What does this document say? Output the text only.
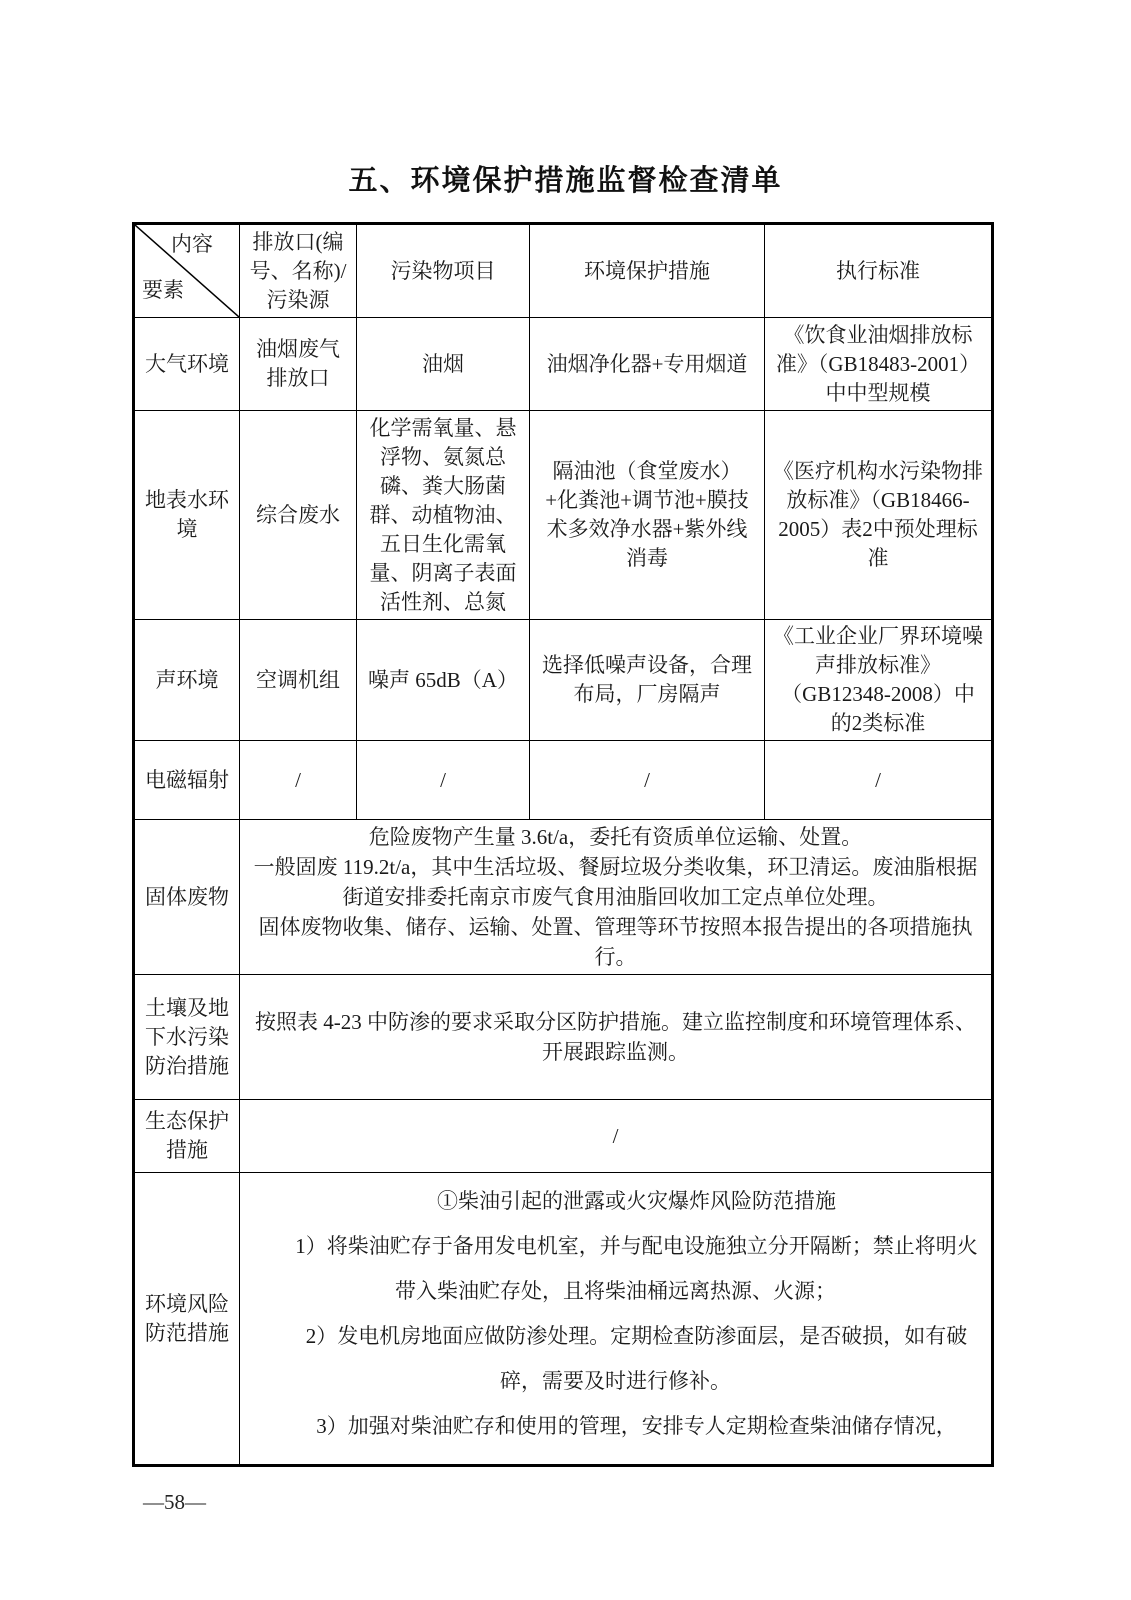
五、环境保护措施监督检查清单
内容
要素	排放口(编号、名称)/污染源	污染物项目	环境保护措施	执行标准
大气环境	油烟废气排放口	油烟	油烟净化器+专用烟道	《饮食业油烟排放标准》（GB18483-2001）中中型规模
地表水环境	综合废水	化学需氧量、悬浮物、氨氮总磷、粪大肠菌群、动植物油、五日生化需氧量、阴离子表面活性剂、总氮	隔油池（食堂废水）+化粪池+调节池+膜技术多效净水器+紫外线消毒	《医疗机构水污染物排放标准》（GB18466-2005）表2中预处理标准
声环境	空调机组	噪声 65dB（A）	选择低噪声设备，合理布局，厂房隔声	《工业企业厂界环境噪声排放标准》（GB12348-2008）中的2类标准
电磁辐射	/	/	/	/
固体废物	危险废物产生量 3.6t/a，委托有资质单位运输、处置。

一般固废 119.2t/a，其中生活垃圾、餐厨垃圾分类收集，环卫清运。废油脂根据街道安排委托南京市废气食用油脂回收加工定点单位处理。

固体废物收集、储存、运输、处置、管理等环节按照本报告提出的各项措施执行。			

土壤及地下水污染防治措施	按照表 4-23 中防渗的要求采取分区防护措施。建立监控制度和环境管理体系、开展跟踪监测。			

生态保护措施	/			

环境风险防范措施	①柴油引起的泄露或火灾爆炸风险防范措施

1）将柴油贮存于备用发电机室，并与配电设施独立分开隔断；禁止将明火带入柴油贮存处，且将柴油桶远离热源、火源；

2）发电机房地面应做防渗处理。定期检查防渗面层，是否破损，如有破碎，需要及时进行修补。

3）加强对柴油贮存和使用的管理，安排专人定期检查柴油储存情况，			

—58—
